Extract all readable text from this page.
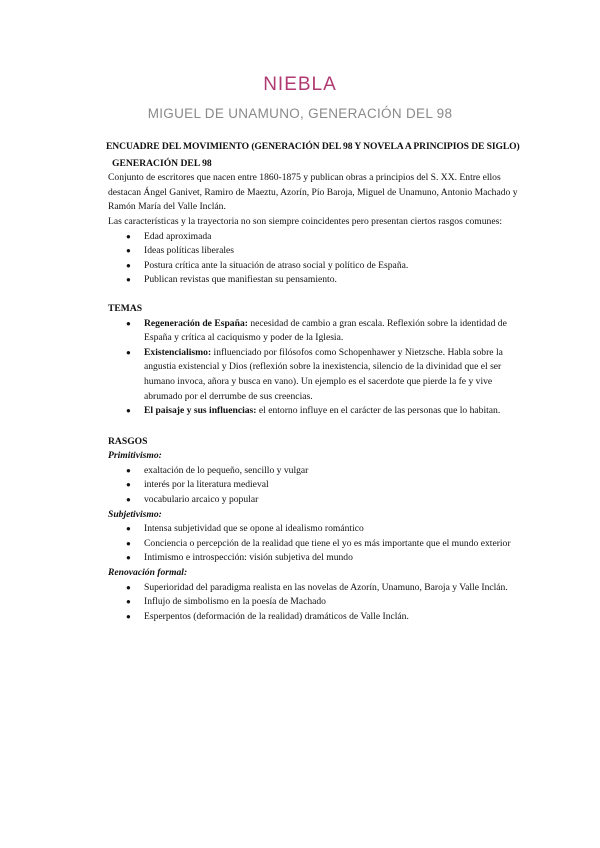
NIEBLA
MIGUEL DE UNAMUNO, GENERACIÓN DEL 98
ENCUADRE DEL MOVIMIENTO (GENERACIÓN DEL 98 Y NOVELA A PRINCIPIOS DE SIGLO)
GENERACIÓN DEL 98

Conjunto de escritores que nacen entre 1860-1875 y publican obras a principios del S. XX. Entre ellos destacan Ángel Ganivet, Ramiro de Maeztu, Azorín, Pío Baroja, Miguel de Unamuno, Antonio Machado y Ramón María del Valle Inclán.

Las características y la trayectoria no son siempre coincidentes pero presentan ciertos rasgos comunes:

● Edad aproximada
● Ideas políticas liberales
● Postura crítica ante la situación de atraso social y político de España.
● Publican revistas que manifiestan su pensamiento.
TEMAS
● Regeneración de España: necesidad de cambio a gran escala. Reflexión sobre la identidad de España y crítica al caciquismo y poder de la Iglesia.
● Existencialismo: influenciado por filósofos como Schopenhawer y Nietzsche. Habla sobre la angustia existencial y Dios (reflexión sobre la inexistencia, silencio de la divinidad que el ser humano invoca, añora y busca en vano). Un ejemplo es el sacerdote que pierde la fe y vive abrumado por el derrumbe de sus creencias.
● El paisaje y sus influencias: el entorno influye en el carácter de las personas que lo habitan.
RASGOS
Primitivismo:
● exaltación de lo pequeño, sencillo y vulgar
● interés por la literatura medieval
● vocabulario arcaico y popular
Subjetivismo:
● Intensa subjetividad que se opone al idealismo romántico
● Conciencia o percepción de la realidad que tiene el yo es más importante que el mundo exterior
● Intimismo e introspección: visión subjetiva del mundo
Renovación formal:
● Superioridad del paradigma realista en las novelas de Azorín, Unamuno, Baroja y Valle Inclán.
● Influjo de simbolismo en la poesía de Machado
● Esperpentos (deformación de la realidad) dramáticos de Valle Inclán.
